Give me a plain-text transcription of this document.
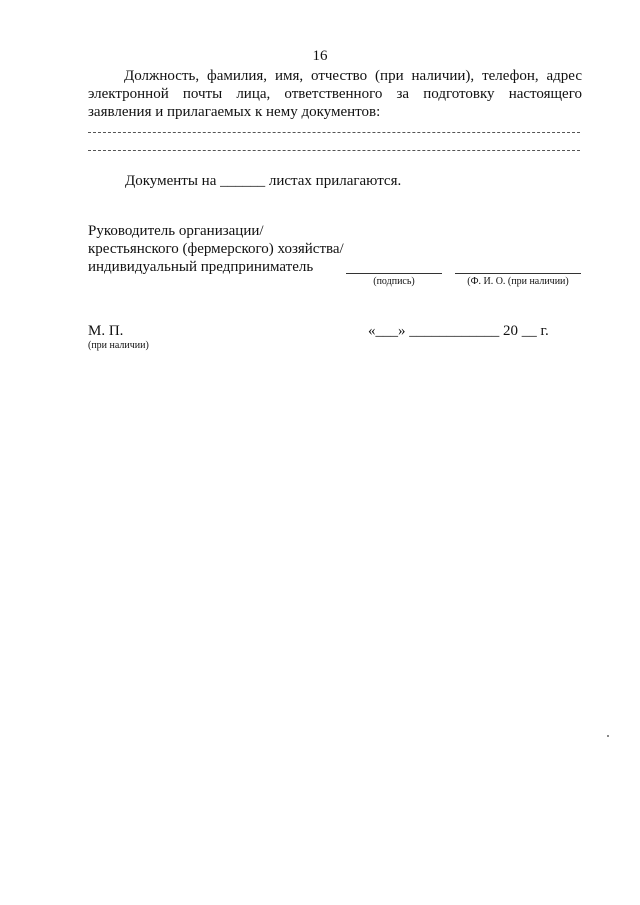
16
Должность, фамилия, имя, отчество (при наличии), телефон, адрес электронной почты лица, ответственного за подготовку настоящего заявления и прилагаемых к нему документов:
Документы на ______ листах прилагаются.
Руководитель организации/
крестьянского (фермерского) хозяйства/
индивидуальный предприниматель
(подпись)	(Ф. И. О. (при наличии)
М. П.
(при наличии)
«___» ____________ 20 __ г.
